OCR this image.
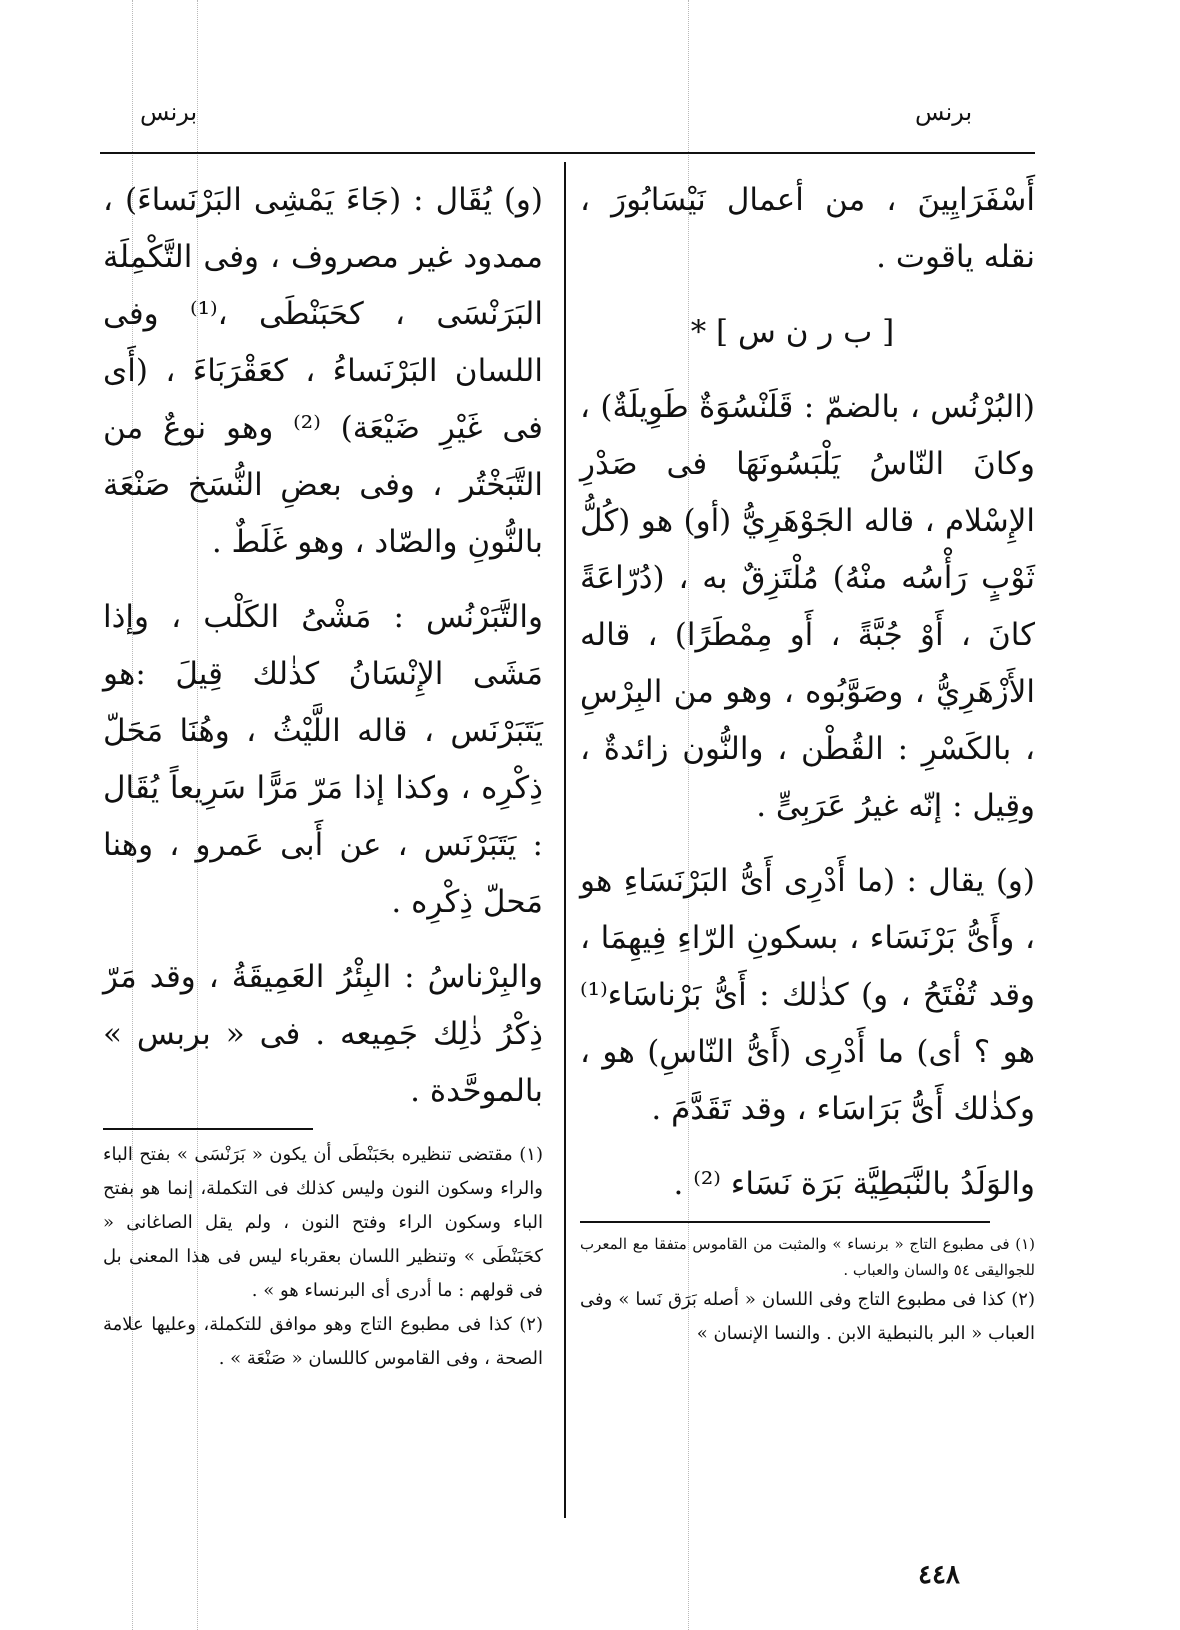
برنس	برنس

أَسْفَرَايِينَ ، من أعمال نَيْسَابُورَ ، نقله ياقوت .

[ ب ر ن س ] *

(البُرْنُس ، بالضمّ : قَلَنْسُوَةٌ طَوِيلَةٌ) ، وكانَ النّاسُ يَلْبَسُونَهَا فى صَدْرِ الإِسْلام ، قاله الجَوْهَرِيُّ (أو) هو (كُلُّ ثَوْبٍ رَأْسُه منْهُ) مُلْتَزِقٌ به ، (دُرّاعَةً كانَ ، أَوْ جُبَّةً ، أَو مِمْطَرًا) ، قاله الأَزْهَرِيُّ ، وصَوَّبُوه ، وهو من البِرْسِ ، بالكَسْرِ : القُطْن ، والنُّون زائدةٌ ، وقِيل : إنّه غيرُ عَرَبِىٍّ .

(و) يقال : (ما أَدْرِى أَىُّ البَرْنَسَاءِ هو ، وأَىُّ بَرْنَسَاء ، بسكونِ الرّاءِ فِيهِمَا ، وقد تُفْتَحُ ، و) كذٰلك : أَىُّ بَرْناسَاء⁽¹⁾ هو ؟ أى) ما أَدْرِى (أَىُّ النّاسِ) هو ، وكذٰلك أَىُّ بَرَاسَاء ، وقد تَقَدَّمَ .

والوَلَدُ بالنَّبَطِيَّة بَرَة نَسَاء ⁽²⁾ .

(١) فى مطبوع التاج « برنساء » والمثبت من القاموس متفقا مع المعرب للجواليقى ٥٤ والسان والعباب .

(٢) كذا فى مطبوع التاج وفى اللسان « أصله بَرَق نَسا » وفى العباب « البر بالنبطية الابن . والنسا الإنسان »

(و) يُقَال : (جَاءَ يَمْشِى البَرْنَساءَ) ، ممدود غير مصروف ، وفى التَّكْمِلَة البَرَنْسَى ، كحَبَنْطَى ،⁽¹⁾ وفى اللسان البَرْنَساءُ ، كعَقْرَبَاءَ ، (أَى فى غَيْرِ ضَيْعَة) ⁽²⁾ وهو نوعٌ من التَّبَخْتُر ، وفى بعضِ النُّسَخ صَنْعَة بالنُّونِ والصّاد ، وهو غَلَطٌ .

والتَّبَرْنُس : مَشْىُ الكَلْب ، وإذا مَشَى الإِنْسَانُ كذٰلك قِيلَ :هو يَتَبَرْنَس ، قاله اللَّيْثُ ، وهُنَا مَحَلّ ذِكْرِه ، وكذا إذا مَرّ مَرًّا سَرِيعاً يُقَال : يَتَبَرْنَس ، عن أَبى عَمرو ، وهنا مَحلّ ذِكْرِه .

والبِرْناسُ : البِئْرُ العَمِيقَةُ ، وقد مَرّ ذِكْرُ ذٰلِك جَمِيعه . فى « بربس » بالموحَّدة .

(١) مقتضى تنظيره بحَبَنْطَى أن يكون « بَرَنْسَى » بفتح الباء والراء وسكون النون وليس كذلك فى التكملة، إنما هو بفتح الباء وسكون الراء وفتح النون ، ولم يقل الصاغانى « كحَبَنْطَى » وتنظير اللسان بعقرباء ليس فى هذا المعنى بل فى قولهم : ما أدرى أى البرنساء هو » .

(٢) كذا فى مطبوع التاج وهو موافق للتكملة، وعليها علامة الصحة ، وفى القاموس كاللسان « صَنْعَة » .

٤٤٨
